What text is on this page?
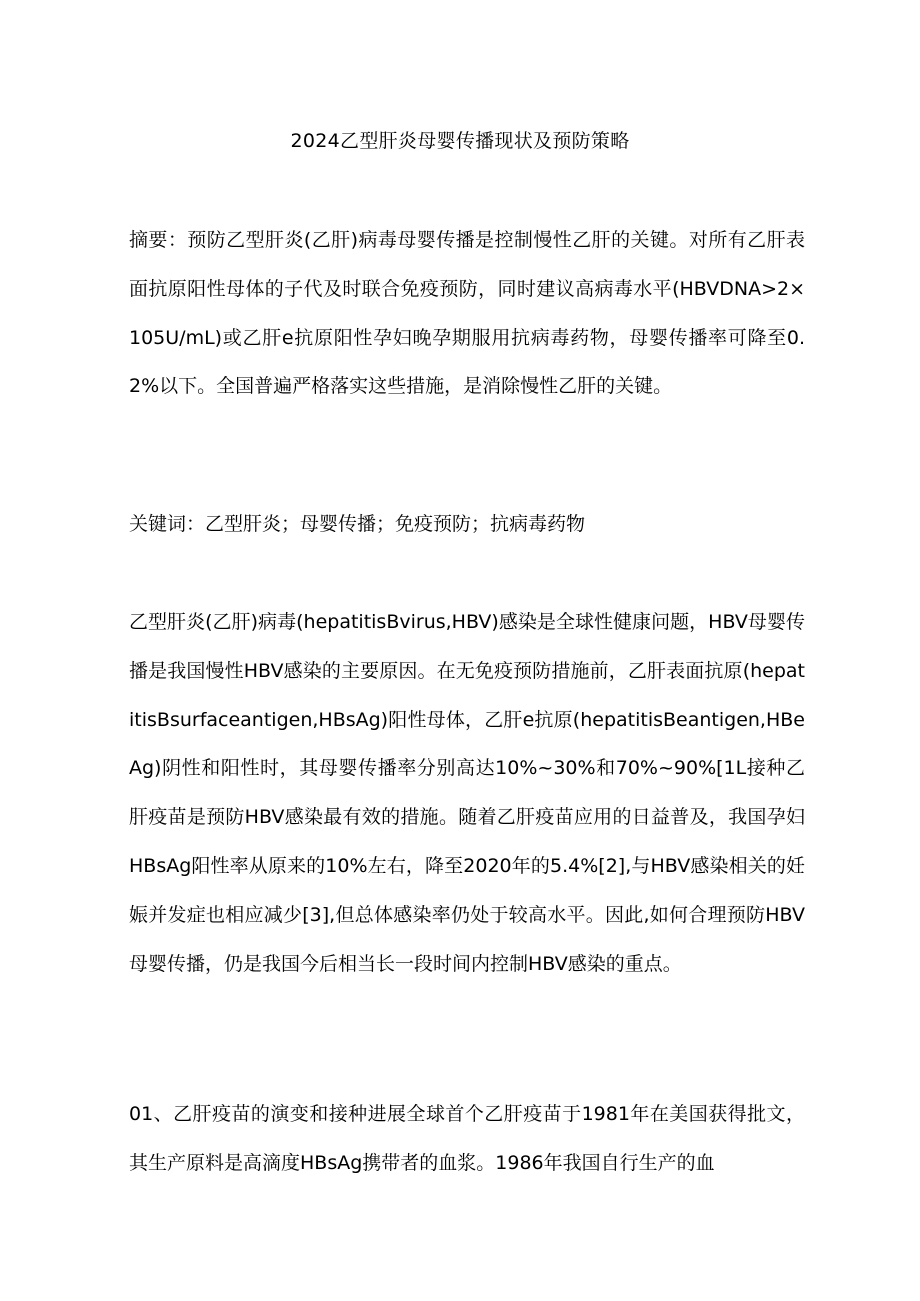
2024乙型肝炎母婴传播现状及预防策略

摘要：预防乙型肝炎(乙肝)病毒母婴传播是控制慢性乙肝的关键。对所有乙肝表面抗原阳性母体的子代及时联合免疫预防，同时建议高病毒水平(HBVDNA>2×105U/mL)或乙肝e抗原阳性孕妇晚孕期服用抗病毒药物，母婴传播率可降至0.2%以下。全国普遍严格落实这些措施，是消除慢性乙肝的关键。

关键词：乙型肝炎；母婴传播；免疫预防；抗病毒药物

乙型肝炎(乙肝)病毒(hepatitisBvirus,HBV)感染是全球性健康问题，HBV母婴传播是我国慢性HBV感染的主要原因。在无免疫预防措施前，乙肝表面抗原(hepatitisBsurfaceantigen,HBsAg)阳性母体，乙肝e抗原(hepatitisBeantigen,HBeAg)阴性和阳性时，其母婴传播率分别高达10%~30%和70%~90%[1L接种乙肝疫苗是预防HBV感染最有效的措施。随着乙肝疫苗应用的日益普及，我国孕妇HBsAg阳性率从原来的10%左右，降至2020年的5.4%[2],与HBV感染相关的妊娠并发症也相应减少[3],但总体感染率仍处于较高水平。因此,如何合理预防HBV母婴传播，仍是我国今后相当长一段时间内控制HBV感染的重点。

01、乙肝疫苗的演变和接种进展全球首个乙肝疫苗于1981年在美国获得批文，其生产原料是高滴度HBsAg携带者的血浆。1986年我国自行生产的血
